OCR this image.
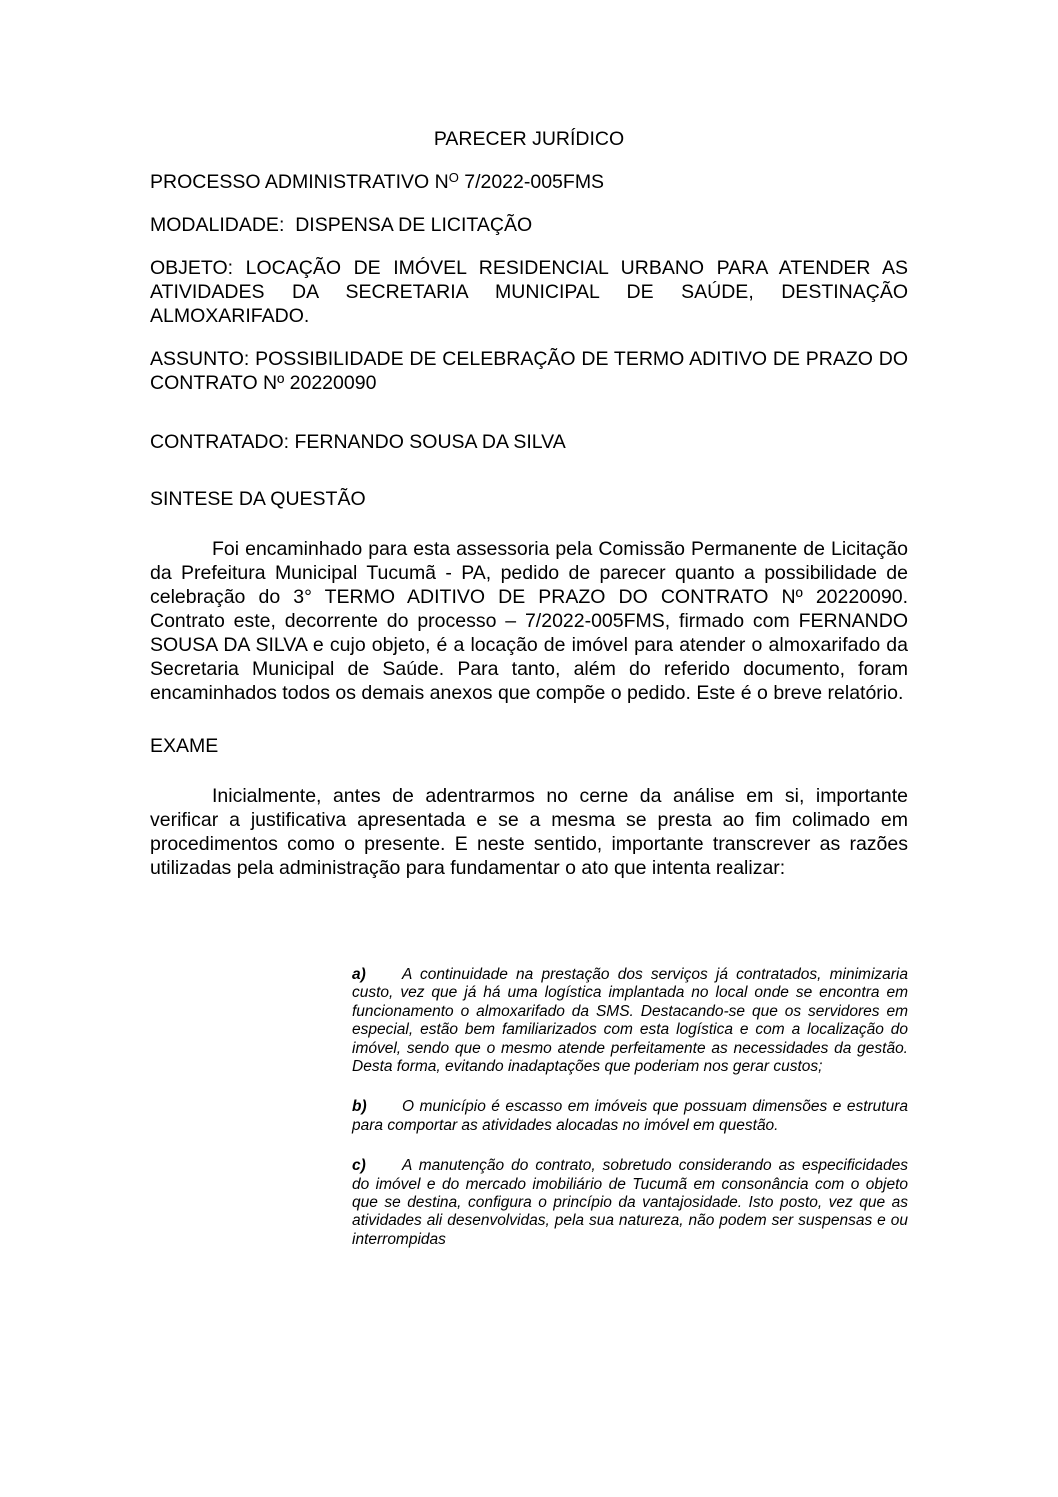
PARECER JURÍDICO

PROCESSO ADMINISTRATIVO $N^O$ 7/2022-005FMS

MODALIDADE:  DISPENSA DE LICITAÇÃO

OBJETO: LOCAÇÃO DE IMÓVEL RESIDENCIAL URBANO PARA ATENDER AS ATIVIDADES DA SECRETARIA MUNICIPAL DE SAÚDE, DESTINAÇÃO ALMOXARIFADO.

ASSUNTO: POSSIBILIDADE DE CELEBRAÇÃO DE TERMO ADITIVO DE PRAZO DO CONTRATO Nº 20220090

CONTRATADO: FERNANDO SOUSA DA SILVA

SINTESE DA QUESTÃO

Foi encaminhado para esta assessoria pela Comissão Permanente de Licitação da Prefeitura Municipal Tucumã - PA, pedido de parecer quanto a possibilidade de celebração do 3° TERMO ADITIVO DE PRAZO DO CONTRATO Nº 20220090. Contrato este, decorrente do processo – 7/2022-005FMS, firmado com FERNANDO SOUSA DA SILVA e cujo objeto, é a locação de imóvel para atender o almoxarifado da Secretaria Municipal de Saúde. Para tanto, além do referido documento, foram encaminhados todos os demais anexos que compõe o pedido. Este é o breve relatório.

EXAME

Inicialmente, antes de adentrarmos no cerne da análise em si, importante verificar a justificativa apresentada e se a mesma se presta ao fim colimado em procedimentos como o presente. E neste sentido, importante transcrever as razões utilizadas pela administração para fundamentar o ato que intenta realizar:

a) A continuidade na prestação dos serviços já contratados, minimizaria custo, vez que já há uma logística implantada no local onde se encontra em funcionamento o almoxarifado da SMS. Destacando-se que os servidores em especial, estão bem familiarizados com esta logística e com a localização do imóvel, sendo que o mesmo atende perfeitamente as necessidades da gestão. Desta forma, evitando inadaptações que poderiam nos gerar custos;

b) O município é escasso em imóveis que possuam dimensões e estrutura para comportar as atividades alocadas no imóvel em questão.

c) A manutenção do contrato, sobretudo considerando as especificidades do imóvel e do mercado imobiliário de Tucumã em consonância com o objeto que se destina, configura o princípio da vantajosidade. Isto posto, vez que as atividades ali desenvolvidas, pela sua natureza, não podem ser suspensas e ou interrompidas
